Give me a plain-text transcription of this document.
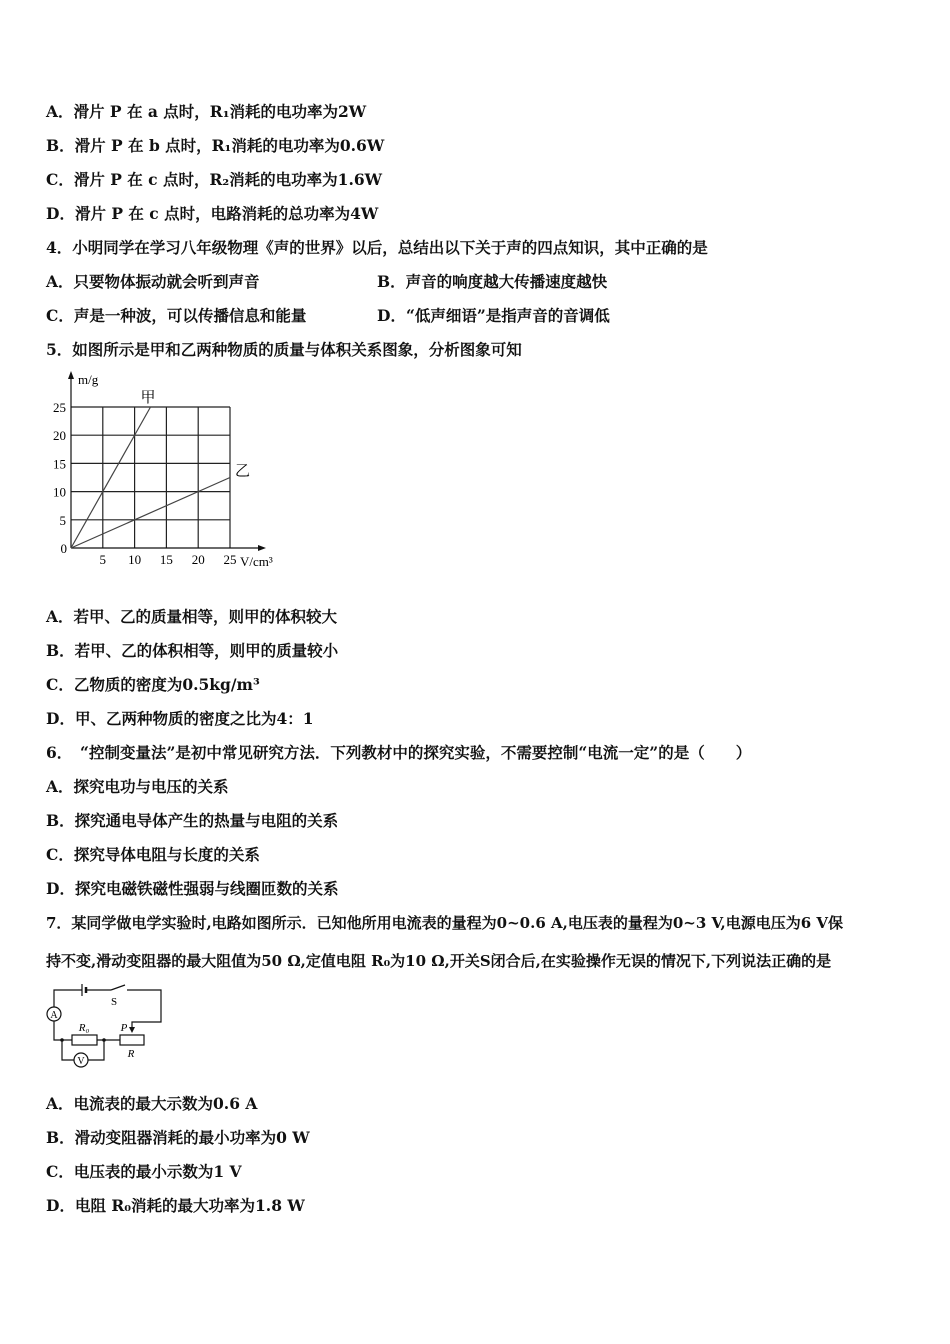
A．滑片 P 在 a 点时，R₁消耗的电功率为2W
B．滑片 P 在 b 点时，R₁消耗的电功率为0.6W
C．滑片 P 在 c 点时，R₂消耗的电功率为1.6W
D．滑片 P 在 c 点时，电路消耗的总功率为4W
4．小明同学在学习八年级物理《声的世界》以后，总结出以下关于声的四点知识，其中正确的是
A．只要物体振动就会听到声音	B．声音的响度越大传播速度越快
C．声是一种波，可以传播信息和能量	D．“低声细语”是指声音的音调低
5．如图所示是甲和乙两种物质的质量与体积关系图象，分析图象可知
5 10 15 20 25
5
10
15
20
25
0
m/g
V/cm³
甲
乙
A．若甲、乙的质量相等，则甲的体积较大
B．若甲、乙的体积相等，则甲的质量较小
C．乙物质的密度为0.5kg/m³
D．甲、乙两种物质的密度之比为4：1
6．　“控制变量法”是初中常见研究方法．下列教材中的探究实验，不需要控制“电流一定”的是（　　）
A．探究电功与电压的关系
B．探究通电导体产生的热量与电阻的关系
C．探究导体电阻与长度的关系
D．探究电磁铁磁性强弱与线圈匝数的关系
7．某同学做电学实验时,电路如图所示．已知他所用电流表的量程为0~0.6 A,电压表的量程为0~3 V,电源电压为6 V保
持不变,滑动变阻器的最大阻值为50 Ω,定值电阻 R₀为10 Ω,开关S闭合后,在实验操作无误的情况下,下列说法正确的是
A
V
S
R₀	P
R
A．电流表的最大示数为0.6 A
B．滑动变阻器消耗的最小功率为0 W
C．电压表的最小示数为1 V
D．电阻 R₀消耗的最大功率为1.8 W
